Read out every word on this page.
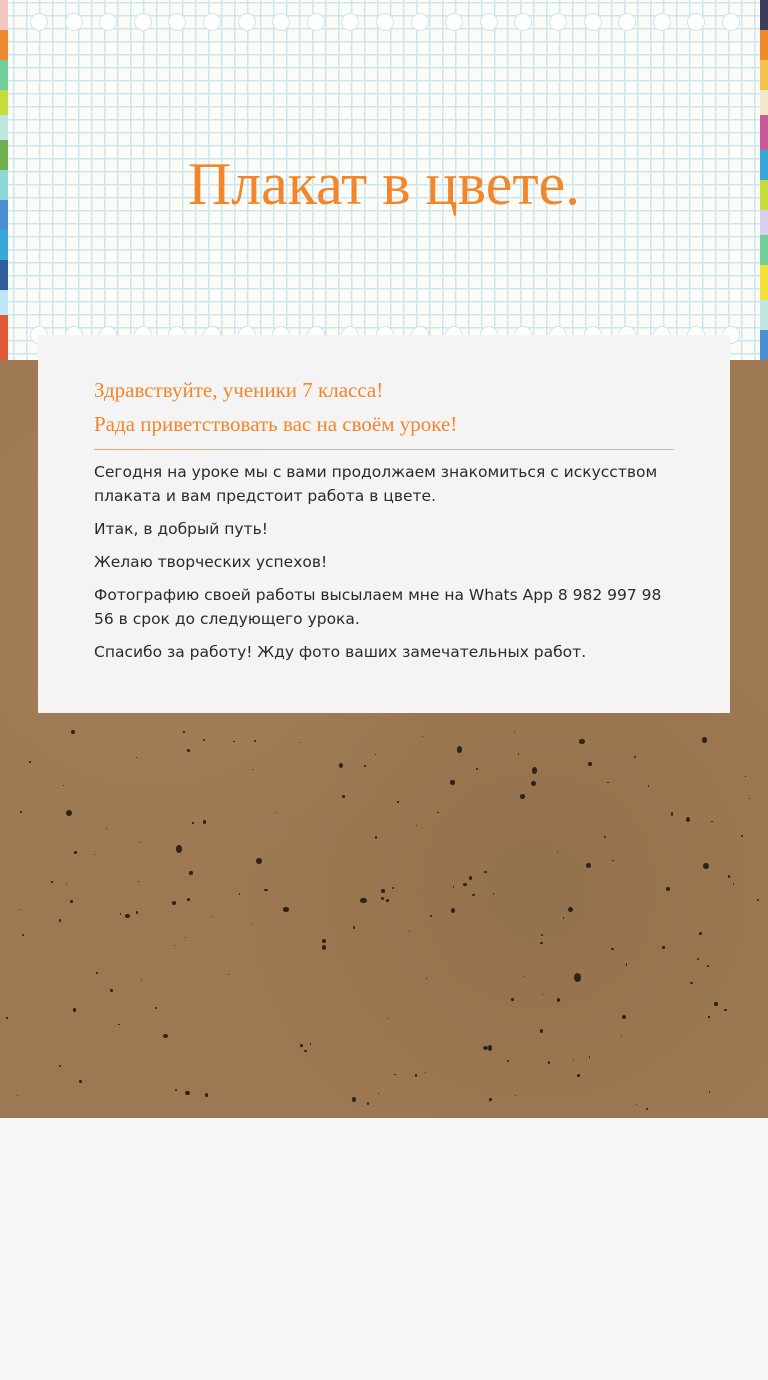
Плакат в цвете.
Здравствуйте, ученики 7 класса!
Рада приветствовать вас на своём уроке!

Сегодня на уроке мы с вами продолжаем знакомиться с искусством плаката и вам предстоит работа в цвете.

Итак, в добрый путь!

Желаю творческих успехов!

Фотографию своей работы высылаем мне на Whats App 8 982 997 98 56 в срок до следующего урока.

Спасибо за работу! Жду фото ваших замечательных работ.
